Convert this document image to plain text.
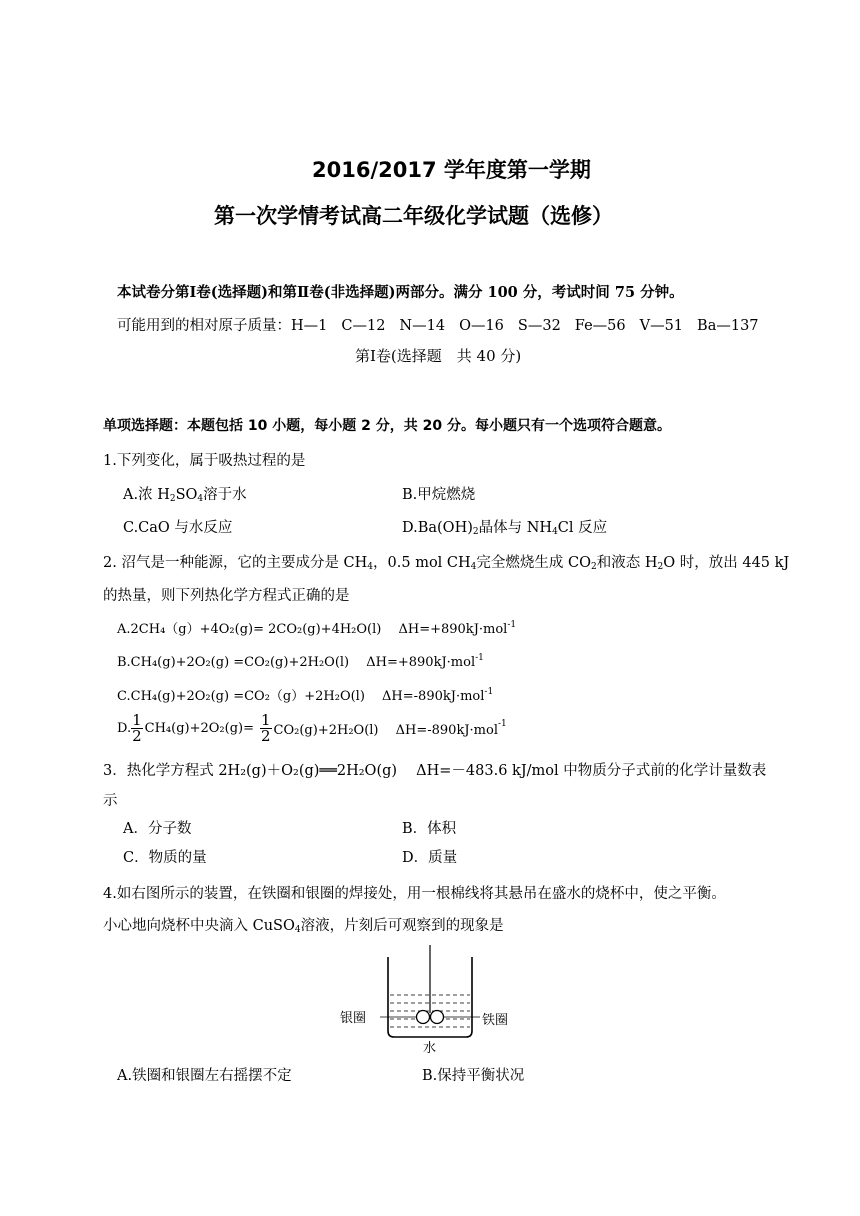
2016/2017 学年度第一学期
第一次学情考试高二年级化学试题（选修）
本试卷分第Ⅰ卷(选择题)和第Ⅱ卷(非选择题)两部分。满分 100 分，考试时间 75 分钟。
可能用到的相对原子质量：H—1 C—12 N—14 O—16 S—32 Fe—56 V—51 Ba—137
第Ⅰ卷(选择题　共 40 分)
单项选择题：本题包括 10 小题，每小题 2 分，共 20 分。每小题只有一个选项符合题意。
1.下列变化，属于吸热过程的是
A.浓 $H_2SO_4$溶于水	B.甲烷燃烧
C.CaO 与水反应	$D.Ba(OH)_2$晶体与 $NH_4Cl$ 反应
2. 沼气是一种能源，它的主要成分是 $CH_4$，0.5 mol $CH_4$完全燃烧生成 $CO_2$和液态 $H_2O$ 时，放出 445 kJ
的热量，则下列热化学方程式正确的是
A.2CH₄（g）+4O₂(g)= 2CO₂(g)+4H₂O(l)　 ΔH=+890kJ·mol$^{-1}$
B.CH₄(g)+2O₂(g) =CO₂(g)+2H₂O(l)　 ΔH=+890kJ·mol$^{-1}$
C.CH₄(g)+2O₂(g) =CO₂（g）+2H₂O(l)　 ΔH=-890kJ·mol$^{-1}$
D. $\frac{1}{2} CH_4(g)+2O_2(g)= \frac{1}{2} CO_2(g)+2H_2O(l)$　 ΔH=-890kJ·mol$^{-1}$
3．热化学方程式 2H₂(g)＋O₂(g)══2H₂O(g)　 ΔH=－483.6 kJ/mol 中物质分子式前的化学计量数表
示
A．分子数	B．体积
C．物质的量	D．质量
4.如右图所示的装置，在铁圈和银圈的焊接处，用一根棉线将其悬吊在盛水的烧杯中，使之平衡。
小心地向烧杯中央滴入 CuSO$_4$溶液，片刻后可观察到的现象是
银圈	铁圈
水
A.铁圈和银圈左右摇摆不定	B.保持平衡状况
